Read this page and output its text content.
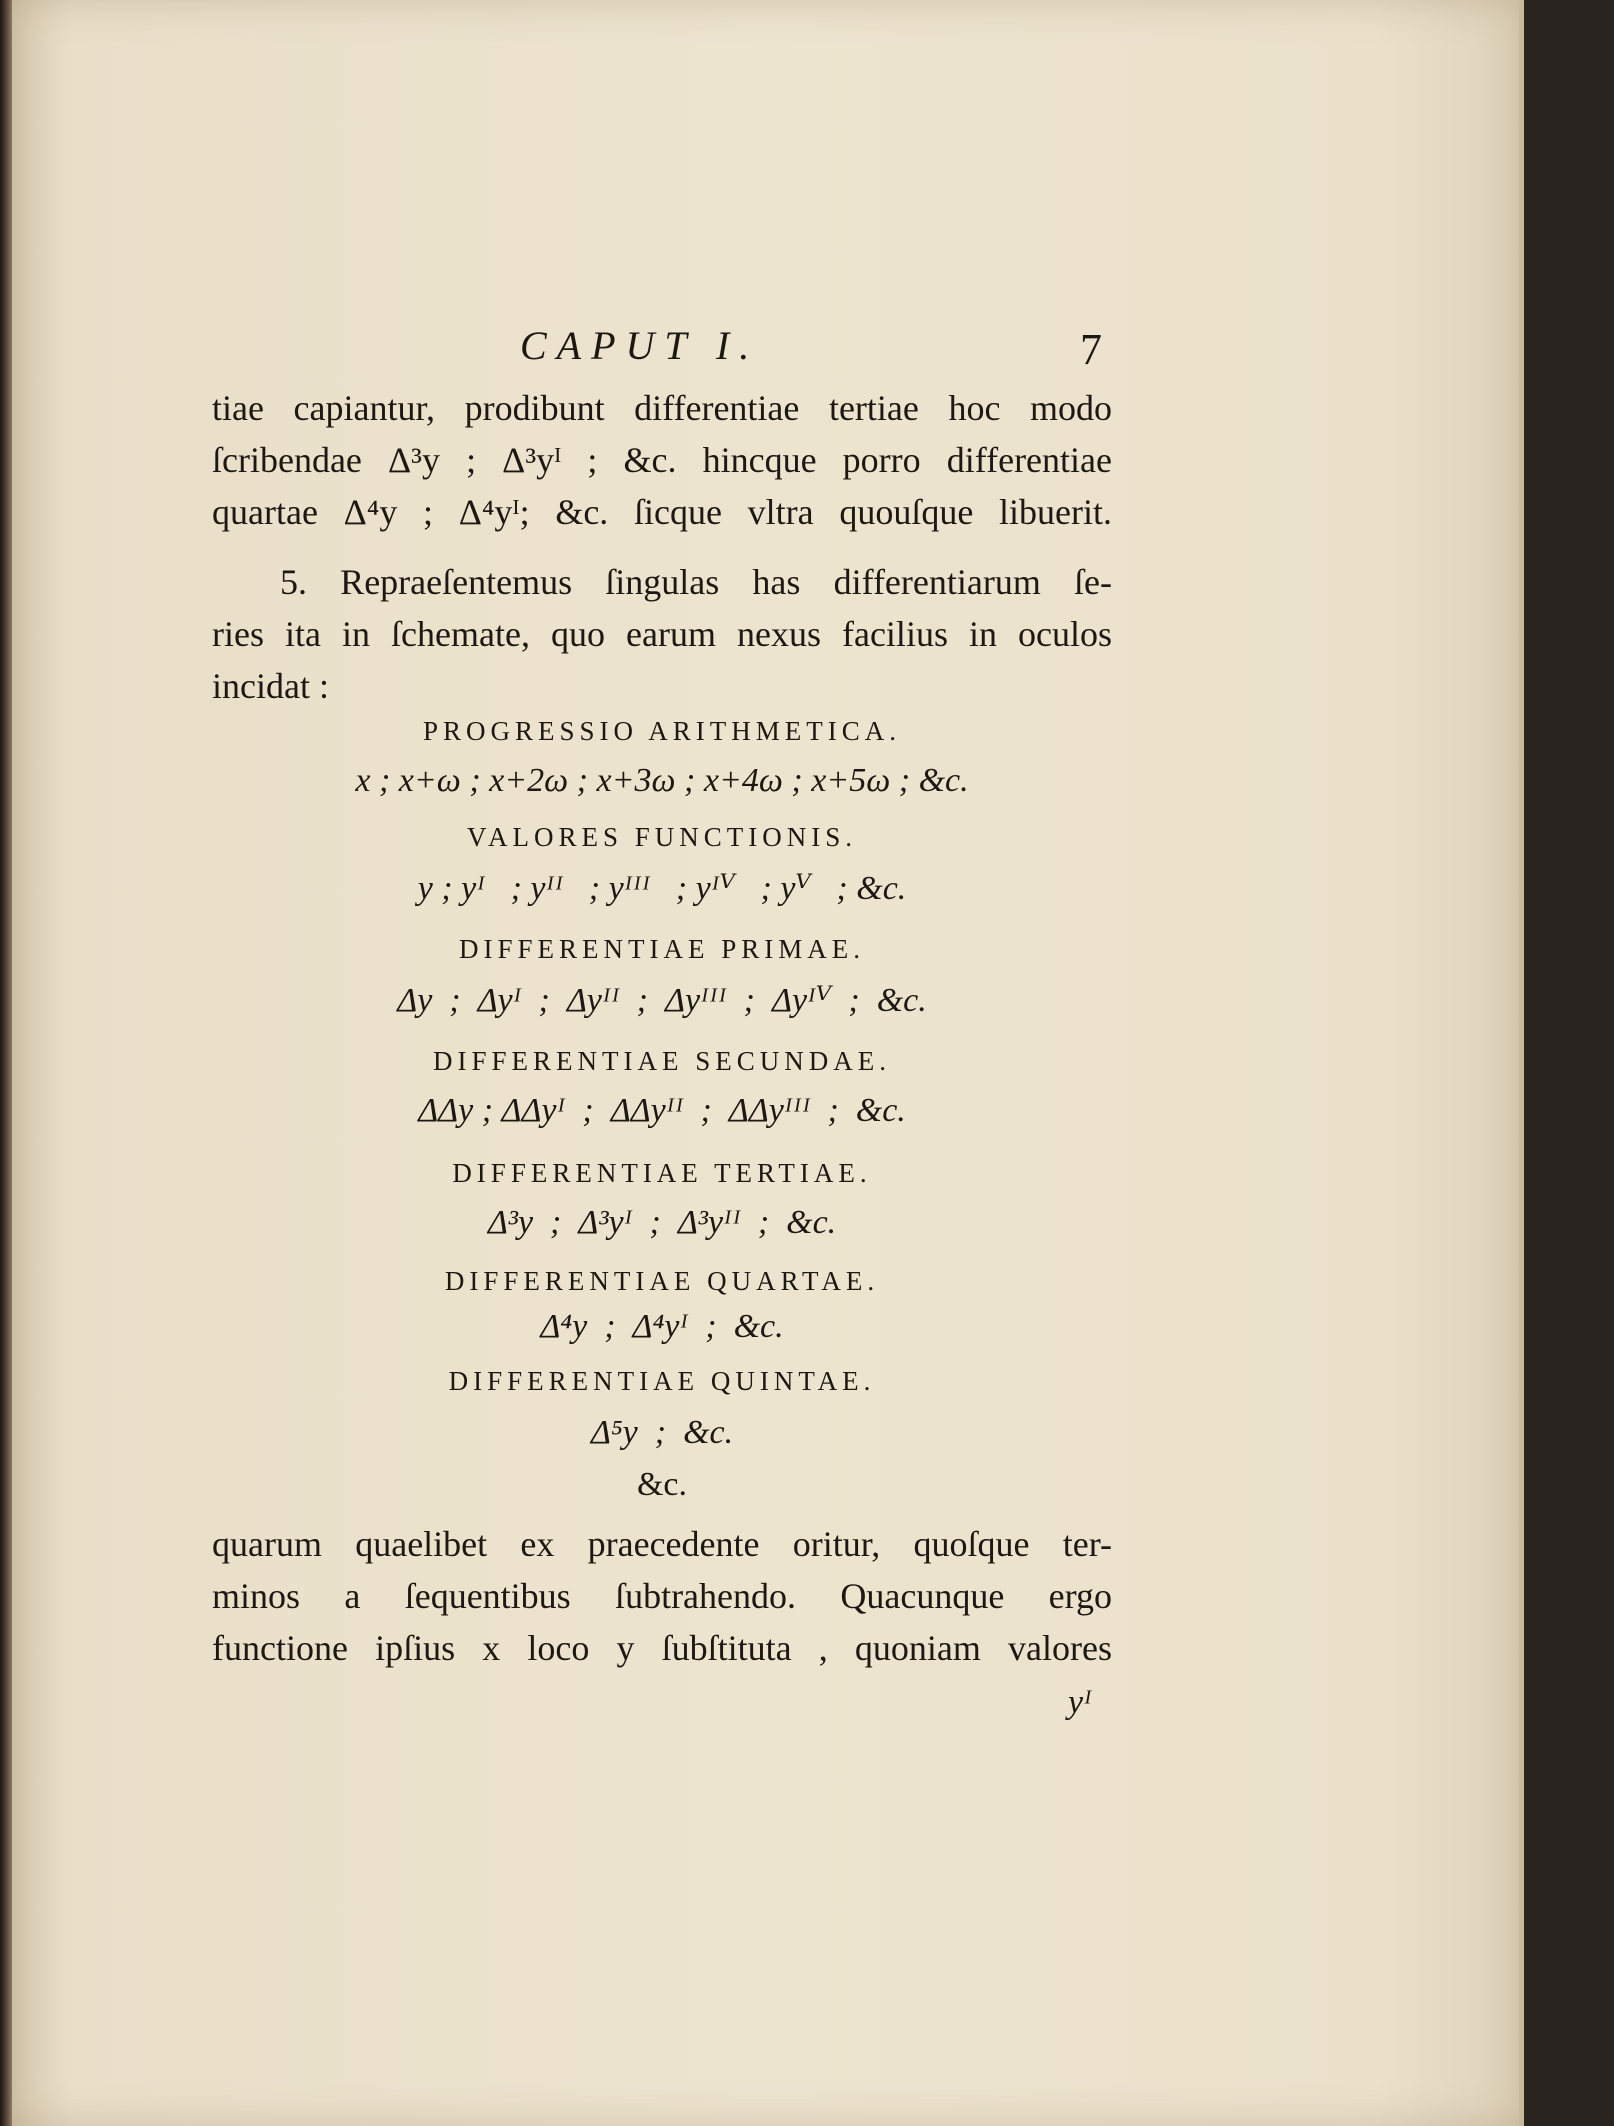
CAPUT I.	7
tiae capiantur, prodibunt differentiae tertiae hoc modo
ſcribendae Δ³y ; Δ³yᴵ ; &c. hincque porro differentiae
quartae Δ⁴y ; Δ⁴yᴵ; &c. ſicque vltra quouſque libuerit.
5. Repraeſentemus ſingulas has differentiarum ſe-
ries ita in ſchemate, quo earum nexus facilius in oculos
incidat :
PROGRESSIO ARITHMETICA.
x ; x+ω ; x+2ω ; x+3ω ; x+4ω ; x+5ω ; &c.
VALORES FUNCTIONIS.
y ; yᴵ   ; yᴵᴵ   ; yᴵᴵᴵ   ; yᴵⱽ   ; yⱽ   ; &c.
DIFFERENTIAE PRIMAE.
Δy  ;  Δyᴵ  ;  Δyᴵᴵ  ;  Δyᴵᴵᴵ  ;  Δyᴵⱽ  ;  &c.
DIFFERENTIAE SECUNDAE.
ΔΔy ; ΔΔyᴵ  ;  ΔΔyᴵᴵ  ;  ΔΔyᴵᴵᴵ  ;  &c.
DIFFERENTIAE TERTIAE.
Δ³y  ;  Δ³yᴵ  ;  Δ³yᴵᴵ  ;  &c.
DIFFERENTIAE QUARTAE.
Δ⁴y  ;  Δ⁴yᴵ  ;  &c.
DIFFERENTIAE QUINTAE.
Δ⁵y  ;  &c.
&c.
quarum quaelibet ex praecedente oritur, quoſque ter-
minos a ſequentibus ſubtrahendo. Quacunque ergo
functione ipſius x loco y ſubſtituta , quoniam valores
yᴵ
